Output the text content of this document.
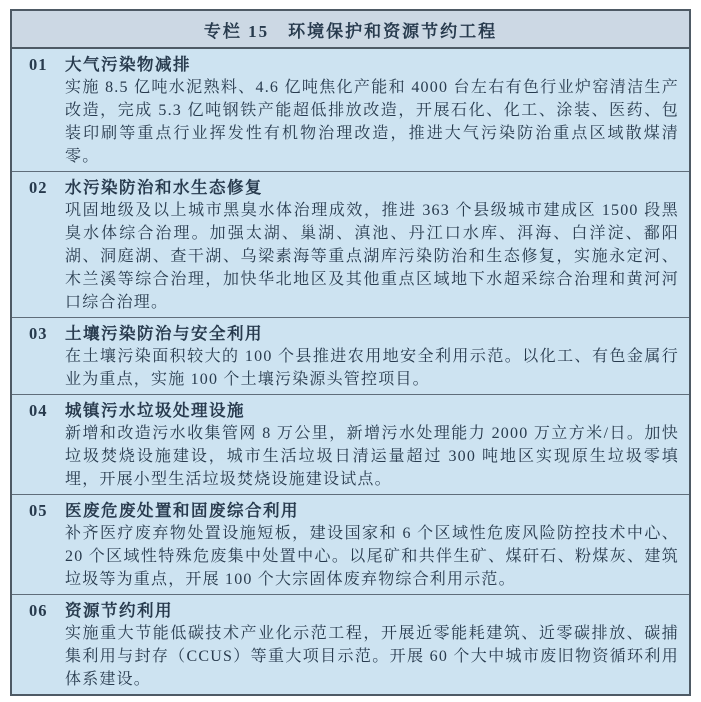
专栏 15　环境保护和资源节约工程
01	大气污染物减排
实施 8.5 亿吨水泥熟料、4.6 亿吨焦化产能和 4000 台左右有色行业炉窑清洁生产改造，完成 5.3 亿吨钢铁产能超低排放改造，开展石化、化工、涂装、医药、包装印刷等重点行业挥发性有机物治理改造，推进大气污染防治重点区域散煤清零。
02	水污染防治和水生态修复
巩固地级及以上城市黑臭水体治理成效，推进 363 个县级城市建成区 1500 段黑臭水体综合治理。加强太湖、巢湖、滇池、丹江口水库、洱海、白洋淀、鄱阳湖、洞庭湖、查干湖、乌梁素海等重点湖库污染防治和生态修复，实施永定河、木兰溪等综合治理，加快华北地区及其他重点区域地下水超采综合治理和黄河河口综合治理。
03	土壤污染防治与安全利用
在土壤污染面积较大的 100 个县推进农用地安全利用示范。以化工、有色金属行业为重点，实施 100 个土壤污染源头管控项目。
04	城镇污水垃圾处理设施
新增和改造污水收集管网 8 万公里，新增污水处理能力 2000 万立方米/日。加快垃圾焚烧设施建设，城市生活垃圾日清运量超过 300 吨地区实现原生垃圾零填埋，开展小型生活垃圾焚烧设施建设试点。
05	医废危废处置和固废综合利用
补齐医疗废弃物处置设施短板，建设国家和 6 个区域性危废风险防控技术中心、20 个区域性特殊危废集中处置中心。以尾矿和共伴生矿、煤矸石、粉煤灰、建筑垃圾等为重点，开展 100 个大宗固体废弃物综合利用示范。
06	资源节约利用
实施重大节能低碳技术产业化示范工程，开展近零能耗建筑、近零碳排放、碳捕集利用与封存（CCUS）等重大项目示范。开展 60 个大中城市废旧物资循环利用体系建设。
